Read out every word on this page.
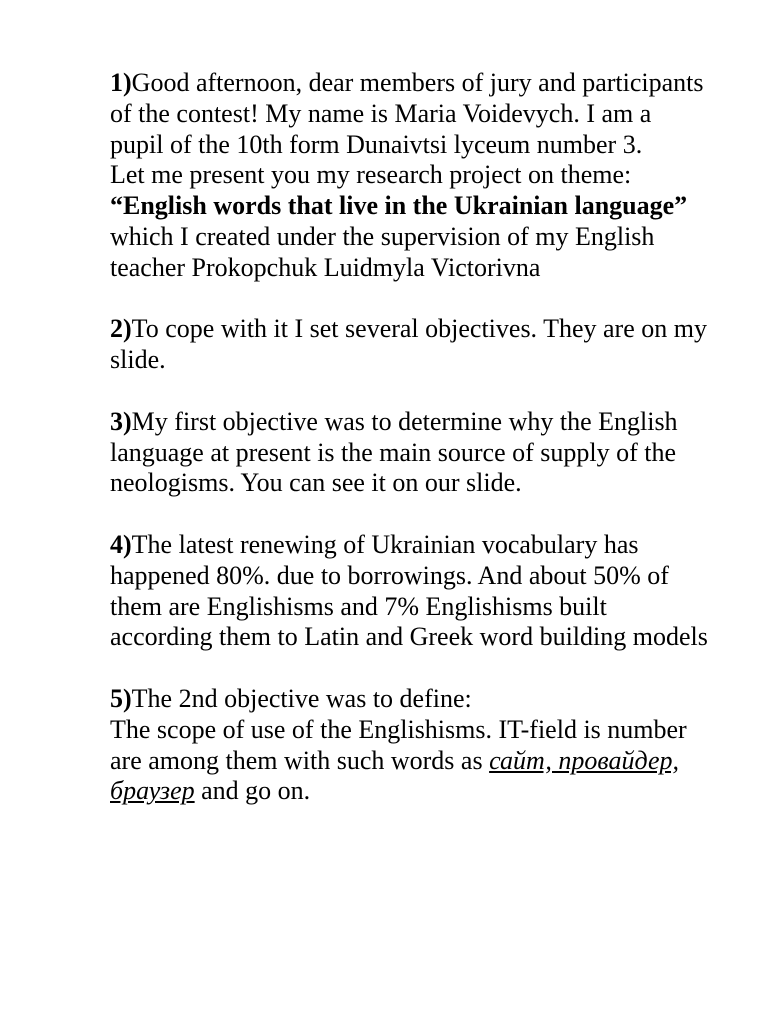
1)Good afternoon, dear members of jury and participants of the contest! My name is Maria Voidevych. I am a pupil of the 10th form Dunaivtsi lyceum number 3.

Let me present you my research project on theme: “English words that live in the Ukrainian language” which I created under the supervision of my English teacher Prokopchuk Luidmyla Victorivna

2)To cope with it I set several objectives. They are on my slide.

3)My first objective was to determine why the English language at present is the main source of supply of the neologisms. You can see it on our slide.

4)The latest renewing of Ukrainian vocabulary has happened 80%. due to borrowings. And about 50% of them are Englishisms and 7% Englishisms built according them to Latin and Greek word building models

5)The 2nd objective was to define:

The scope of use of the Englishisms. IT-field is number are among them with such words as сайт, провайдер, браузер and go on.
